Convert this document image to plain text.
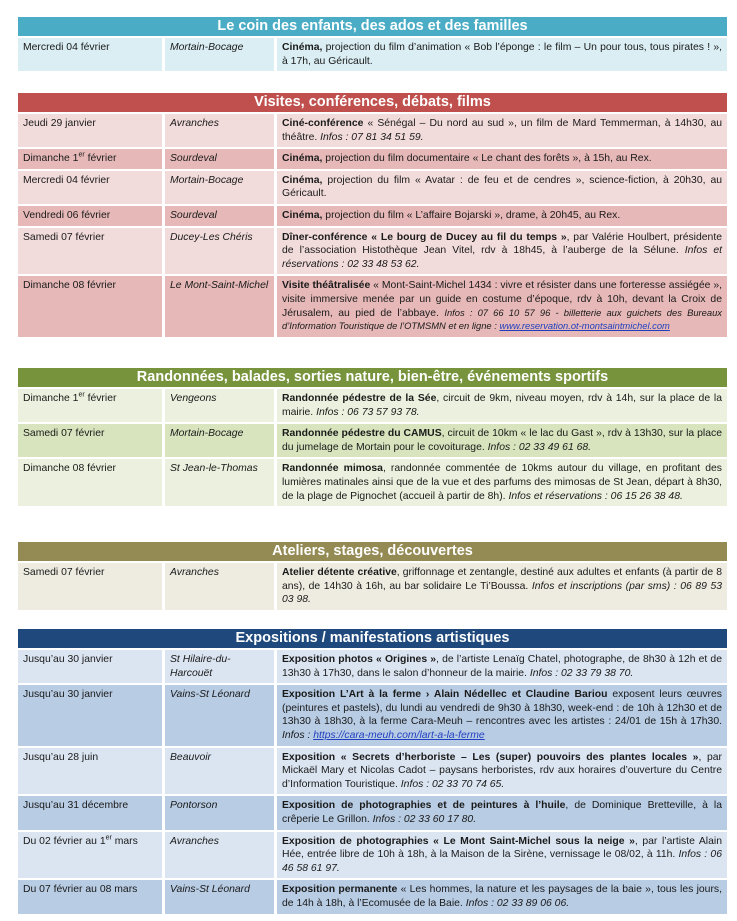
Le coin des enfants, des ados et des familles
Mercredi 04 février	Mortain-Bocage	Cinéma, projection du film d’animation « Bob l’éponge : le film – Un pour tous, tous pirates ! », à 17h, au Géricault.
Visites, conférences, débats, films
Jeudi 29 janvier	Avranches	Ciné-conférence « Sénégal – Du nord au sud », un film de Mard Temmerman, à 14h30, au théâtre. Infos : 07 81 34 51 59.
Dimanche 1er février	Sourdeval	Cinéma, projection du film documentaire « Le chant des forêts », à 15h, au Rex.
Mercredi 04 février	Mortain-Bocage	Cinéma, projection du film « Avatar : de feu et de cendres », science-fiction, à 20h30, au Géricault.
Vendredi 06 février	Sourdeval	Cinéma, projection du film « L’affaire Bojarski », drame, à 20h45, au Rex.
Samedi 07 février	Ducey-Les Chéris	Dîner-conférence « Le bourg de Ducey au fil du temps », par Valérie Houlbert, présidente de l’association Histothèque Jean Vitel, rdv à 18h45, à l’auberge de la Sélune. Infos et réservations : 02 33 48 53 62.
Dimanche 08 février	Le Mont-Saint-Michel	Visite théâtralisée « Mont-Saint-Michel 1434 : vivre et résister dans une forteresse assiégée », visite immersive menée par un guide en costume d’époque, rdv à 10h, devant la Croix de Jérusalem, au pied de l’abbaye. Infos : 07 66 10 57 96 - billetterie aux guichets des Bureaux d’Information Touristique de l’OTMSMN et en ligne : www.reservation.ot-montsaintmichel.com
Randonnées, balades, sorties nature, bien-être, événements sportifs
Dimanche 1er février	Vengeons	Randonnée pédestre de la Sée, circuit de 9km, niveau moyen, rdv à 14h, sur la place de la mairie. Infos : 06 73 57 93 78.
Samedi 07 février	Mortain-Bocage	Randonnée pédestre du CAMUS, circuit de 10km « le lac du Gast », rdv à 13h30, sur la place du jumelage de Mortain pour le covoiturage. Infos : 02 33 49 61 68.
Dimanche 08 février	St Jean-le-Thomas	Randonnée mimosa, randonnée commentée de 10kms autour du village, en profitant des lumières matinales ainsi que de la vue et des parfums des mimosas de St Jean, départ à 8h30, de la plage de Pignochet (accueil à partir de 8h). Infos et réservations : 06 15 26 38 48.
Ateliers, stages, découvertes
Samedi 07 février	Avranches	Atelier détente créative, griffonnage et zentangle, destiné aux adultes et enfants (à partir de 8 ans), de 14h30 à 16h, au bar solidaire Le Ti’Boussa. Infos et inscriptions (par sms) : 06 89 53 03 98.
Expositions / manifestations artistiques
Jusqu’au 30 janvier	St Hilaire-du-Harcouët	Exposition photos « Origines », de l’artiste Lenaïg Chatel, photographe, de 8h30 à 12h et de 13h30 à 17h30, dans le salon d’honneur de la mairie. Infos : 02 33 79 38 70.
Jusqu’au 30 janvier	Vains-St Léonard	Exposition L’Art à la ferme › Alain Nédellec et Claudine Bariou exposent leurs œuvres (peintures et pastels), du lundi au vendredi de 9h30 à 18h30, week-end : de 10h à 12h30 et de 13h30 à 18h30, à la ferme Cara-Meuh – rencontres avec les artistes : 24/01 de 15h à 17h30. Infos : https://cara-meuh.com/lart-a-la-ferme
Jusqu’au 28 juin	Beauvoir	Exposition « Secrets d’herboriste – Les (super) pouvoirs des plantes locales », par Mickaël Mary et Nicolas Cadot – paysans herboristes, rdv aux horaires d’ouverture du Centre d’Information Touristique. Infos : 02 33 70 74 65.
Jusqu’au 31 décembre	Pontorson	Exposition de photographies et de peintures à l’huile, de Dominique Bretteville, à la crêperie Le Grillon. Infos : 02 33 60 17 80.
Du 02 février au 1er mars	Avranches	Exposition de photographies « Le Mont Saint-Michel sous la neige », par l’artiste Alain Hée, entrée libre de 10h à 18h, à la Maison de la Sirène, vernissage le 08/02, à 11h. Infos : 06 46 58 61 97.
Du 07 février au 08 mars	Vains-St Léonard	Exposition permanente « Les hommes, la nature et les paysages de la baie », tous les jours, de 14h à 18h, à l’Ecomusée de la Baie. Infos : 02 33 89 06 06.
